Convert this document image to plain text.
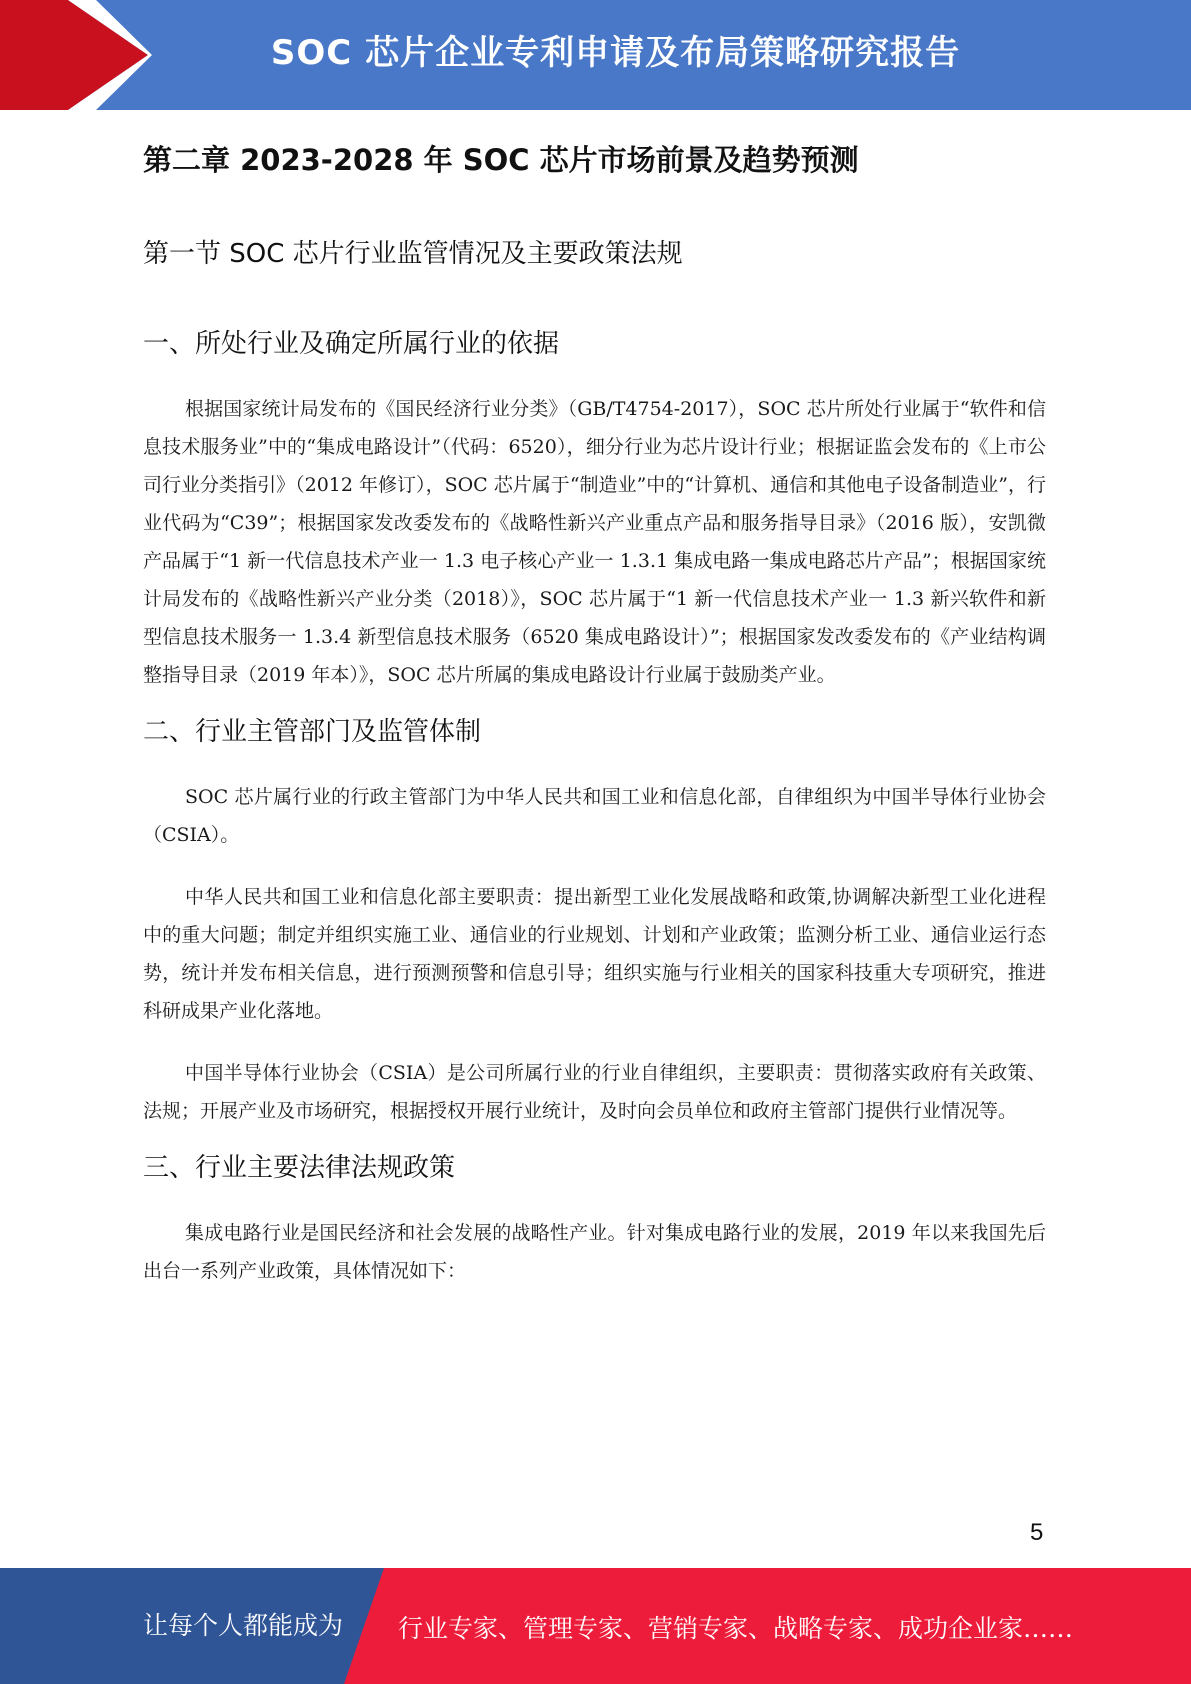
SOC 芯片企业专利申请及布局策略研究报告
第二章 2023-2028 年 SOC 芯片市场前景及趋势预测
第一节 SOC 芯片行业监管情况及主要政策法规
一、所处行业及确定所属行业的依据

根据国家统计局发布的《国民经济行业分类》（GB/T4754-2017），SOC 芯片所处行业属于“软件和信息技术服务业”中的“集成电路设计”（代码：6520），细分行业为芯片设计行业；根据证监会发布的《上市公司行业分类指引》（2012 年修订），SOC 芯片属于“制造业”中的“计算机、通信和其他电子设备制造业”，行业代码为“C39”；根据国家发改委发布的《战略性新兴产业重点产品和服务指导目录》（2016 版），安凯微产品属于“1 新一代信息技术产业一 1.3 电子核心产业一 1.3.1 集成电路一集成电路芯片产品”；根据国家统计局发布的《战略性新兴产业分类（2018）》，SOC 芯片属于“1 新一代信息技术产业一 1.3 新兴软件和新型信息技术服务一 1.3.4 新型信息技术服务（6520 集成电路设计）”；根据国家发改委发布的《产业结构调整指导目录（2019 年本）》，SOC 芯片所属的集成电路设计行业属于鼓励类产业。

二、行业主管部门及监管体制

SOC 芯片属行业的行政主管部门为中华人民共和国工业和信息化部，自律组织为中国半导体行业协会（CSIA）。

中华人民共和国工业和信息化部主要职责：提出新型工业化发展战略和政策,协调解决新型工业化进程中的重大问题；制定并组织实施工业、通信业的行业规划、计划和产业政策；监测分析工业、通信业运行态势，统计并发布相关信息，进行预测预警和信息引导；组织实施与行业相关的国家科技重大专项研究，推进科研成果产业化落地。

中国半导体行业协会（CSIA）是公司所属行业的行业自律组织，主要职责：贯彻落实政府有关政策、法规；开展产业及市场研究，根据授权开展行业统计，及时向会员单位和政府主管部门提供行业情况等。

三、行业主要法律法规政策

集成电路行业是国民经济和社会发展的战略性产业。针对集成电路行业的发展，2019 年以来我国先后出台一系列产业政策，具体情况如下：

5
让每个人都能成为 行业专家、管理专家、营销专家、战略专家、成功企业家……
